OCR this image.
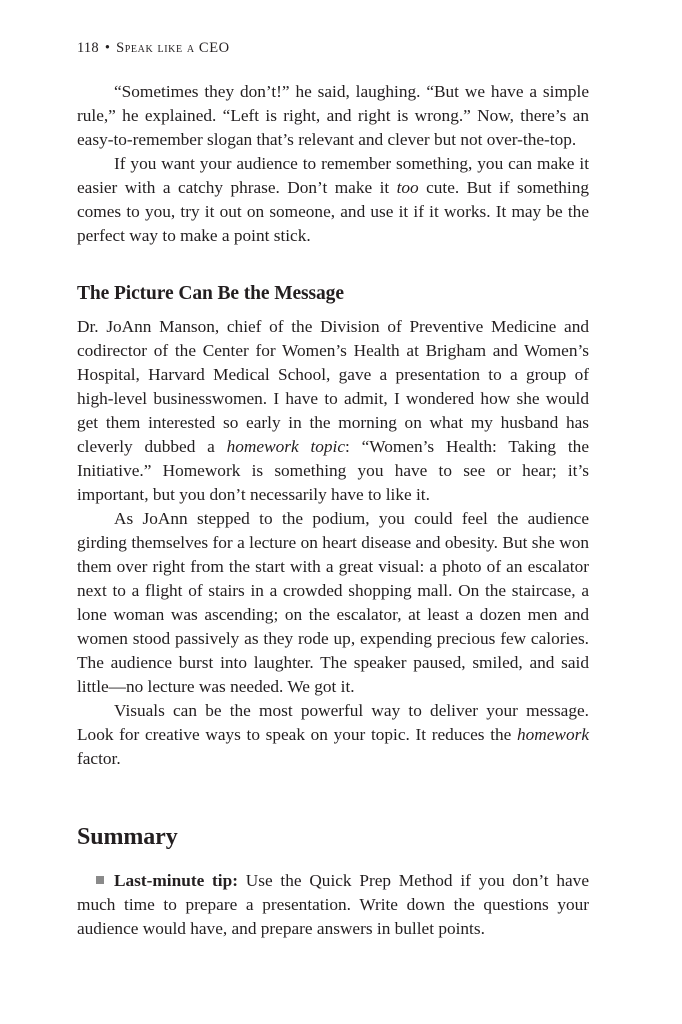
118 • Speak like a CEO

“Sometimes they don’t!” he said, laughing. “But we have a simple rule,” he explained. “Left is right, and right is wrong.” Now, there’s an easy-to-remember slogan that’s relevant and clever but not over-the-top.

If you want your audience to remember something, you can make it easier with a catchy phrase. Don’t make it too cute. But if something comes to you, try it out on someone, and use it if it works. It may be the perfect way to make a point stick.

The Picture Can Be the Message

Dr. JoAnn Manson, chief of the Division of Preventive Medicine and codirector of the Center for Women’s Health at Brigham and Women’s Hospital, Harvard Medical School, gave a presentation to a group of high-level businesswomen. I have to admit, I wondered how she would get them interested so early in the morning on what my husband has cleverly dubbed a homework topic: “Women’s Health: Taking the Initiative.” Homework is something you have to see or hear; it’s important, but you don’t necessarily have to like it.

As JoAnn stepped to the podium, you could feel the audience girding themselves for a lecture on heart disease and obesity. But she won them over right from the start with a great visual: a photo of an escalator next to a flight of stairs in a crowded shopping mall. On the staircase, a lone woman was ascending; on the escalator, at least a dozen men and women stood passively as they rode up, expending precious few calories. The audience burst into laughter. The speaker paused, smiled, and said little—no lecture was needed. We got it.

Visuals can be the most powerful way to deliver your message. Look for creative ways to speak on your topic. It reduces the homework factor.

Summary

Last-minute tip: Use the Quick Prep Method if you don’t have much time to prepare a presentation. Write down the questions your audience would have, and prepare answers in bullet points.
